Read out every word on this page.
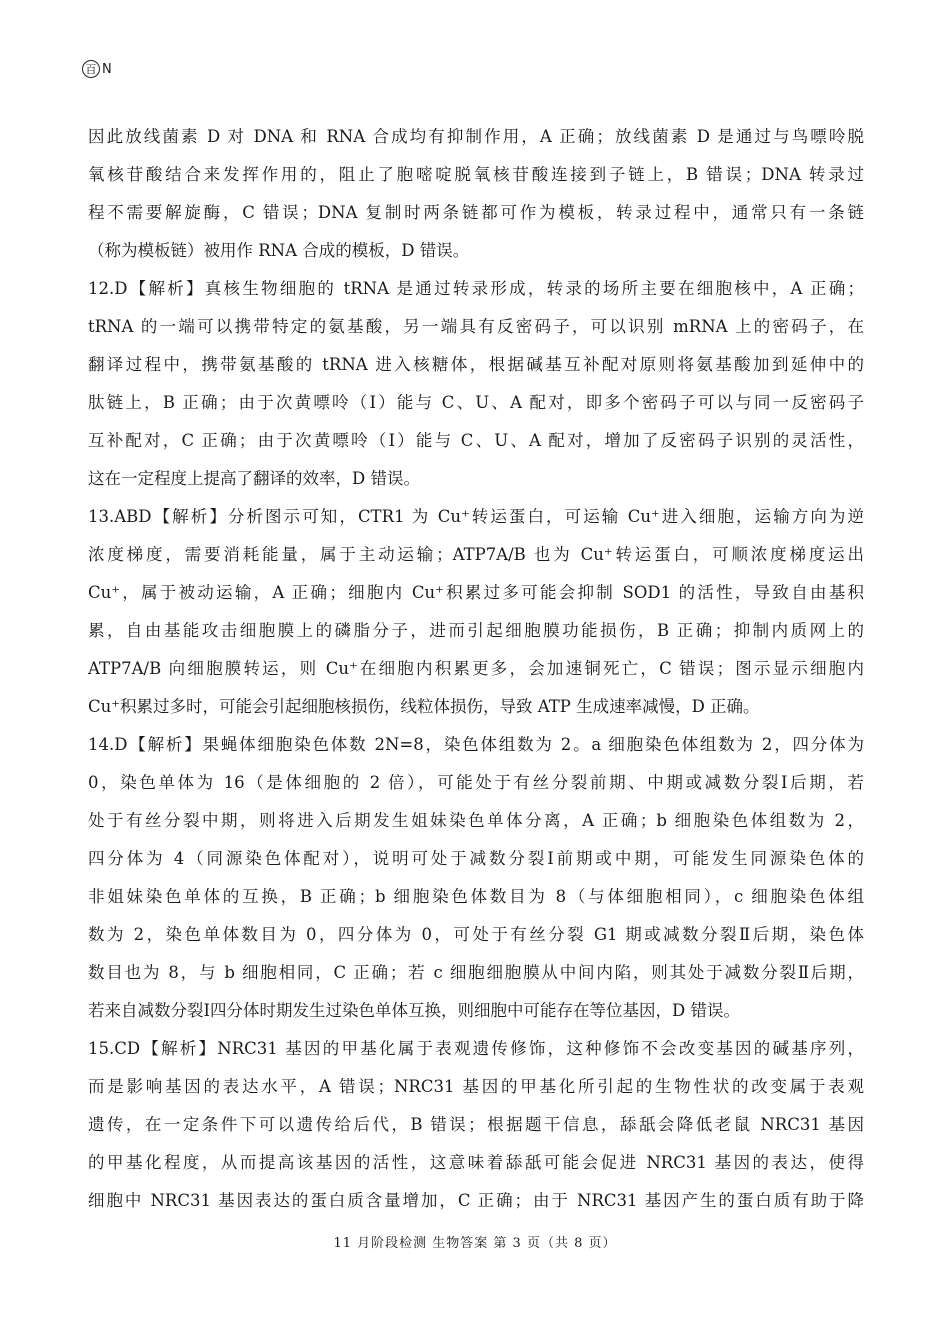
百 N
因此放线菌素 D 对 DNA 和 RNA 合成均有抑制作用，A 正确；放线菌素 D 是通过与鸟嘌呤脱
氧核苷酸结合来发挥作用的，阻止了胞嘧啶脱氧核苷酸连接到子链上，B 错误；DNA 转录过
程不需要解旋酶，C 错误；DNA 复制时两条链都可作为模板，转录过程中，通常只有一条链
（称为模板链）被用作 RNA 合成的模板，D 错误。
12.D【解析】真核生物细胞的 tRNA 是通过转录形成，转录的场所主要在细胞核中，A 正确；
tRNA 的一端可以携带特定的氨基酸，另一端具有反密码子，可以识别 mRNA 上的密码子，在
翻译过程中，携带氨基酸的 tRNA 进入核糖体，根据碱基互补配对原则将氨基酸加到延伸中的
肽链上，B 正确；由于次黄嘌呤（I）能与 C、U、A 配对，即多个密码子可以与同一反密码子
互补配对，C 正确；由于次黄嘌呤（I）能与 C、U、A 配对，增加了反密码子识别的灵活性，
这在一定程度上提高了翻译的效率，D 错误。
13.ABD【解析】分析图示可知，CTR1 为 Cu⁺转运蛋白，可运输 Cu⁺进入细胞，运输方向为逆
浓度梯度，需要消耗能量，属于主动运输；ATP7A/B 也为 Cu⁺转运蛋白，可顺浓度梯度运出
Cu⁺，属于被动运输，A 正确；细胞内 Cu⁺积累过多可能会抑制 SOD1 的活性，导致自由基积
累，自由基能攻击细胞膜上的磷脂分子，进而引起细胞膜功能损伤，B 正确；抑制内质网上的
ATP7A/B 向细胞膜转运，则 Cu⁺在细胞内积累更多，会加速铜死亡，C 错误；图示显示细胞内
Cu⁺积累过多时，可能会引起细胞核损伤，线粒体损伤，导致 ATP 生成速率减慢，D 正确。
14.D【解析】果蝇体细胞染色体数 2N=8，染色体组数为 2。a 细胞染色体组数为 2，四分体为
0，染色单体为 16（是体细胞的 2 倍），可能处于有丝分裂前期、中期或减数分裂Ⅰ后期，若
处于有丝分裂中期，则将进入后期发生姐妹染色单体分离，A 正确；b 细胞染色体组数为 2，
四分体为 4（同源染色体配对），说明可处于减数分裂Ⅰ前期或中期，可能发生同源染色体的
非姐妹染色单体的互换，B 正确；b 细胞染色体数目为 8（与体细胞相同），c 细胞染色体组
数为 2，染色单体数目为 0，四分体为 0，可处于有丝分裂 G1 期或减数分裂Ⅱ后期，染色体
数目也为 8，与 b 细胞相同，C 正确；若 c 细胞细胞膜从中间内陷，则其处于减数分裂Ⅱ后期，
若来自减数分裂Ⅰ四分体时期发生过染色单体互换，则细胞中可能存在等位基因，D 错误。
15.CD【解析】NRC31 基因的甲基化属于表观遗传修饰，这种修饰不会改变基因的碱基序列，
而是影响基因的表达水平，A 错误；NRC31 基因的甲基化所引起的生物性状的改变属于表观
遗传，在一定条件下可以遗传给后代，B 错误；根据题干信息，舔舐会降低老鼠 NRC31 基因
的甲基化程度，从而提高该基因的活性，这意味着舔舐可能会促进 NRC31 基因的表达，使得
细胞中 NRC31 基因表达的蛋白质含量增加，C 正确；由于 NRC31 基因产生的蛋白质有助于降
11 月阶段检测 生物答案 第 3 页（共 8 页）
